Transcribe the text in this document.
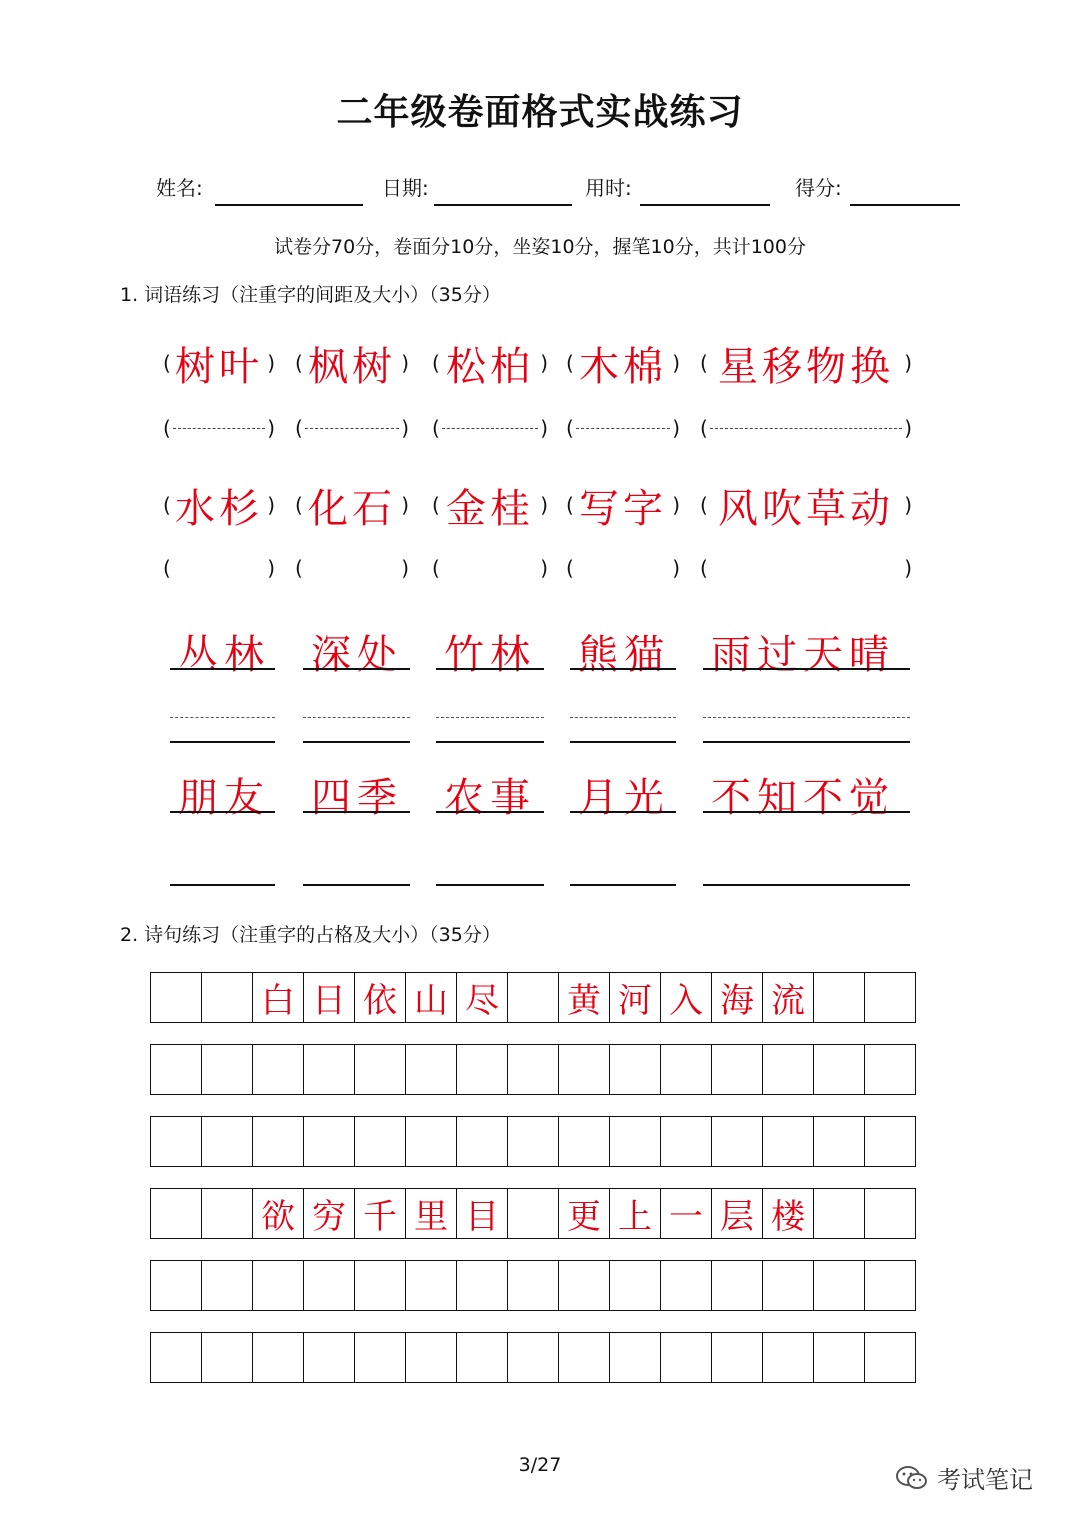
二年级卷面格式实战练习
姓名:	日期:	用时:	得分:
试卷分70分，卷面分10分，坐姿10分，握笔10分，共计100分
1. 词语练习（注重字的间距及大小）（35分）
( 树叶 ) ( 枫树 ) ( 松柏 ) ( 木棉 ) ( 星移物换 )
(	) (	) (	) (	) (	)
( 水杉 ) ( 化石 ) ( 金桂 ) ( 写字 ) ( 风吹草动 )
(	) (	) (	) (	) (	)
丛林 深处 竹林 熊猫 雨过天晴
朋友 四季 农事 月光 不知不觉
2. 诗句练习（注重字的占格及大小）（35分）
白 日 依 山 尽 黄 河 入 海 流
欲 穷 千 里 目 更 上 一 层 楼
3/27
考试笔记
